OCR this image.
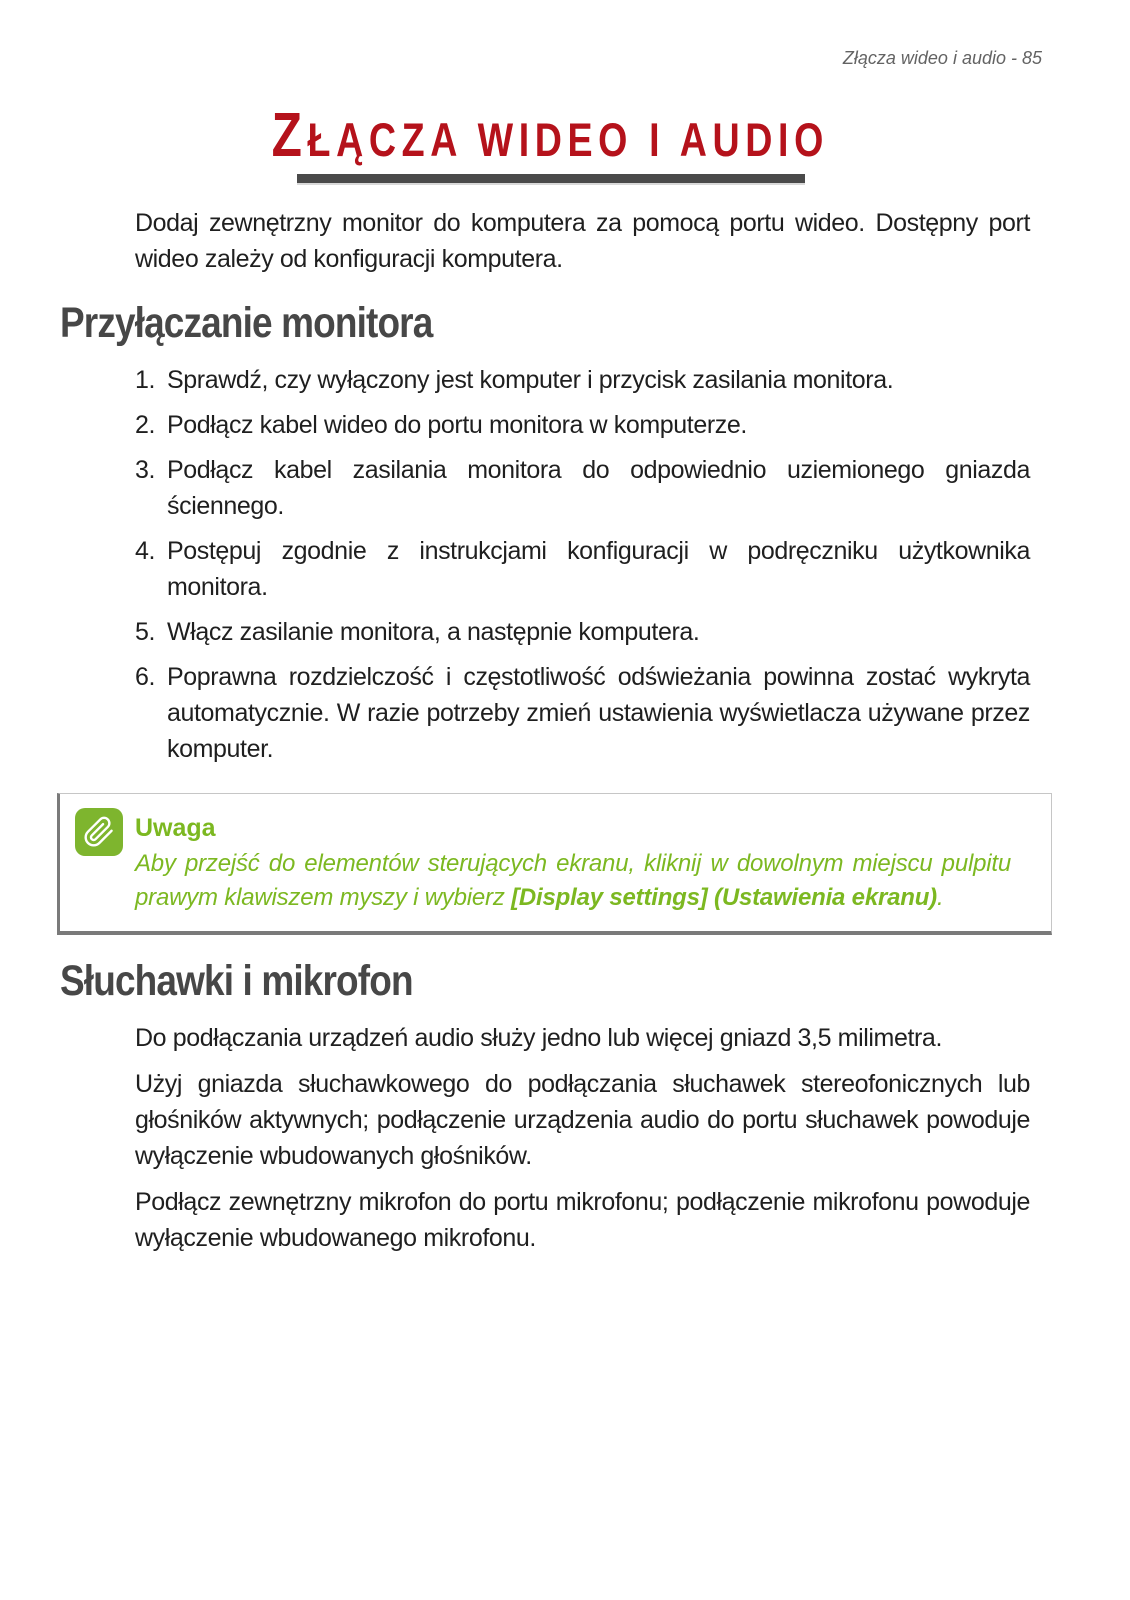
Złącza wideo i audio - 85
ZŁĄCZA WIDEO I AUDIO

Dodaj zewnętrzny monitor do komputera za pomocą portu wideo. Dostępny port wideo zależy od konfiguracji komputera.

Przyłączanie monitora
Sprawdź, czy wyłączony jest komputer i przycisk zasilania monitora.
Podłącz kabel wideo do portu monitora w komputerze.
Podłącz kabel zasilania monitora do odpowiednio uziemionego gniazda ściennego.
Postępuj zgodnie z instrukcjami konfiguracji w podręczniku użytkownika monitora.
Włącz zasilanie monitora, a następnie komputera.
Poprawna rozdzielczość i częstotliwość odświeżania powinna zostać wykryta automatycznie. W razie potrzeby zmień ustawienia wyświetlacza używane przez komputer.
Uwaga

Aby przejść do elementów sterujących ekranu, kliknij w dowolnym miejscu pulpitu prawym klawiszem myszy i wybierz [Display settings] (Ustawienia ekranu).

Słuchawki i mikrofon

Do podłączania urządzeń audio służy jedno lub więcej gniazd 3,5 milimetra.

Użyj gniazda słuchawkowego do podłączania słuchawek stereofonicznych lub głośników aktywnych; podłączenie urządzenia audio do portu słuchawek powoduje wyłączenie wbudowanych głośników.

Podłącz zewnętrzny mikrofon do portu mikrofonu; podłączenie mikrofonu powoduje wyłączenie wbudowanego mikrofonu.
